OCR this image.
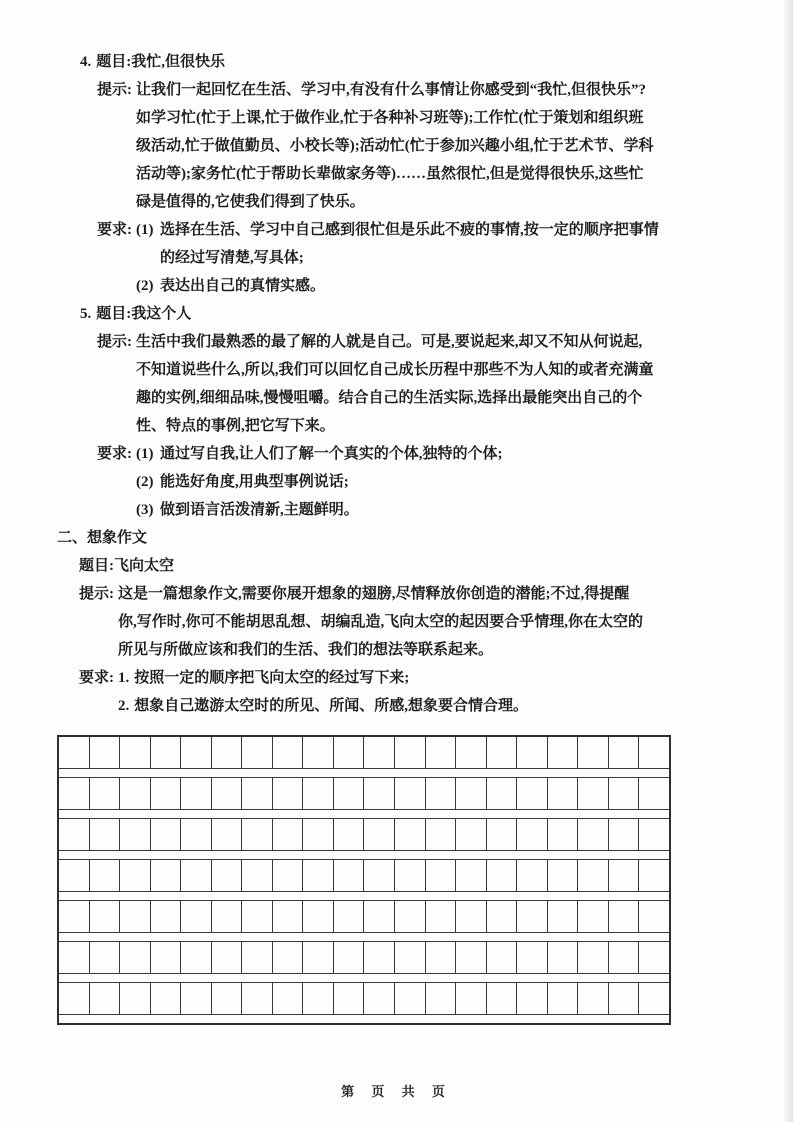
4. 题目:我忙,但很快乐
提示: 让我们一起回忆在生活、学习中,有没有什么事情让你感受到“我忙,但很快乐”?
如学习忙(忙于上课,忙于做作业,忙于各种补习班等);工作忙(忙于策划和组织班
级活动,忙于做值勤员、小校长等);活动忙(忙于参加兴趣小组,忙于艺术节、学科
活动等);家务忙(忙于帮助长辈做家务等)……虽然很忙,但是觉得很快乐,这些忙
碌是值得的,它使我们得到了快乐。
要求: (1) 选择在生活、学习中自己感到很忙但是乐此不疲的事情,按一定的顺序把事情
的经过写清楚,写具体;
(2) 表达出自己的真情实感。
5. 题目:我这个人
提示: 生活中我们最熟悉的最了解的人就是自己。可是,要说起来,却又不知从何说起,
不知道说些什么,所以,我们可以回忆自己成长历程中那些不为人知的或者充满童
趣的实例,细细品味,慢慢咀嚼。结合自己的生活实际,选择出最能突出自己的个
性、特点的事例,把它写下来。
要求: (1) 通过写自我,让人们了解一个真实的个体,独特的个体;
(2) 能选好角度,用典型事例说话;
(3) 做到语言活泼清新,主题鲜明。
二、想象作文
题目:飞向太空
提示: 这是一篇想象作文,需要你展开想象的翅膀,尽情释放你创造的潜能;不过,得提醒
你,写作时,你可不能胡思乱想、胡编乱造,飞向太空的起因要合乎情理,你在太空的
所见与所做应该和我们的生活、我们的想法等联系起来。
要求: 1. 按照一定的顺序把飞向太空的经过写下来;
2. 想象自己遨游太空时的所见、所闻、所感,想象要合情合理。
第 页 共 页
